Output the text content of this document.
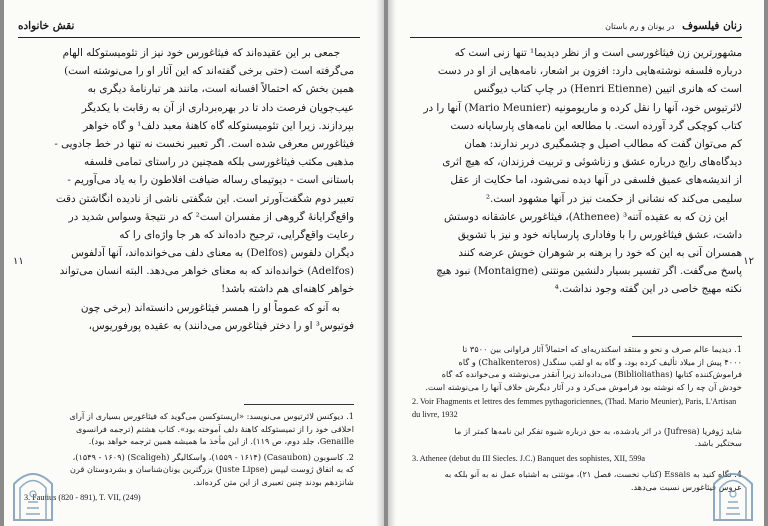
نقش خانواده
۱۱
جمعی بر این عقیده‌اند که فیثاغورس خود نیز از تئومیستوکله الهام
می‌گرفته است (حتی برخی گفته‌اند که این آثار او را می‌نوشته است)
همین بخش که احتمالاً افسانه است، مانند هر تبارنامهٔ دیگری به
عیب‌جویان فرصت داد تا در بهره‌برداری از آن به رقابت با یکدیگر
بپردازند. زیرا این تئومیستوکله گاه کاهنهٔ معبد دلف¹ و گاه خواهر
فیثاغورس معرفی شده است. اگر تعبیر نخست نه تنها در خط جادویی -
مذهبی مکتب فیثاغورسی بلکه همچنین در راستای تمامی فلسفه
باستانی است - دیوتیمای رساله ضیافت افلاطون را به یاد می‌آوریم -
تعبیر دوم شگفت‌آورتر است. این شگفتی ناشی از نادیده انگاشتن دقت
واقع‌گرایانهٔ گروهی از مفسران است² که در نتیجهٔ وسواس شدید در
رعایت واقع‌گرایی، ترجیح داده‌اند که هر جا واژه‌ای را که
دیگران دلفوس (Delfos) به معنای دلف می‌خوانده‌اند، آنها آدلفوس
(Adelfos) خوانده‌اند که به معنای خواهر می‌دهد. البته انسان می‌تواند
خواهر کاهنه‌ای هم داشته باشد!
به آنو که عموماً او را همسر فیثاغورس دانسته‌اند (برخی چون
فوتیوس³ او را دختر فیثاغورس می‌دانند) به عقیده پورفوریوس،
1. دیوکنس لائرتیوس می‌نویسد: «اریستوکسن می‌گوید که فیثاغورس بسیاری از آرای
اخلاقی خود را از تمیستوکله کاهنهٔ دلف آموخته بود». کتاب هشتم (ترجمه فرانسوی
Genaille، جلد دوم، ص ۱۱۹). از این مأخذ ما همیشه همین ترجمه خواهد بود).
2. کاسوبون (Casaubon) (۱۵۵۹ - ۱۶۱۴)، واسکالیگر (Scaligeh) (۱۵۴۹ - ۱۶۰۹)،
که به اتفاق ژوست لیپس (Juste Lipse) بزرگترین یونان‌شناسان و بشردوستان قرن
شانزدهم بودند چنین تعبیری از این متن کرده‌اند.
3. Fautius (820 - 891), T. VII, (249)
زنان فیلسوف در یونان و رم باستان
۱۲
مشهورترین زن فیثاغورسی است و از نظر دیدیما¹ تنها زنی است که
درباره فلسفه نوشته‌هایی دارد: افزون بر اشعار، نامه‌هایی از او در دست
است که هانری اتیین (Henri Etienne) در چاپ کتاب دیوگنس
لائرتیوس خود، آنها را نقل کرده و ماریومونیه (Mario Meunier) آنها را در
کتاب کوچکی گرد آورده است. با مطالعه این نامه‌های پارسایانه دست
کم می‌توان گفت که مطالب اصیل و چشمگیری دربر ندارند: همان
دیدگاه‌های رایج درباره عشق و زناشوئی و تربیت فرزندان، که هیچ اثری
از اندیشه‌های عمیق فلسفی در آنها دیده نمی‌شود، اما حکایت از عقل
سلیمی می‌کند که نشانی از حکمت نیز در آنها مشهود است.²
این زن که به عقیده آتنه³ (Athenee)، فیثاغورس عاشقانه دوستش
داشت، عشق فیثاغورس را با وفاداری پارسایانه خود و نیز با تشویق
همسران آنی به این که خود را برهنه بر شوهران خویش عرضه کنند
پاسخ می‌گفت. اگر تفسیر بسیار دلنشین مونتنی (Montaigne) نبود هیچ
نکته مهیج خاصی در این گفته وجود نداشت.⁴
1. دیدیما عالم صرف و نحو و منتقد اسکندریه‌ای که احتمالاً آثار فراوانی بین ۳۵۰۰ تا
۴۰۰۰ پیش از میلاد تألیف کرده بود، و گاه به او لقب سنگدل (Chalkenteros) و گاه
فراموش‌کننده کتابها (Biblioliathas) می‌داده‌اند زیرا آنقدر می‌نوشته و می‌خوانده که گاه
خودش آن چه را که نوشته بود فراموش می‌کرد و در آثار دیگرش خلاف آنها را می‌نوشته است.
2. Voir Fhagments et lettres des femmes pythagoriciennes, (Thad. Mario Meunier), Paris, L'Artisan du livre, 1932
شاید ژوفریا (Jufresa) در اثر یادشده، به حق درباره شیوه تفکر این نامه‌ها کمتر از ما
سختگیر باشد.
3. Athenee (debut du III Siecles. J.C.) Banquet des sophistes, XII, 599a
4. نگاه کنید به Essais (کتاب نخست، فصل ۲۱)، مونتنی به اشتباه عمل نه به آنو بلکه به
عروس فیثاغورس نسبت می‌دهد.
